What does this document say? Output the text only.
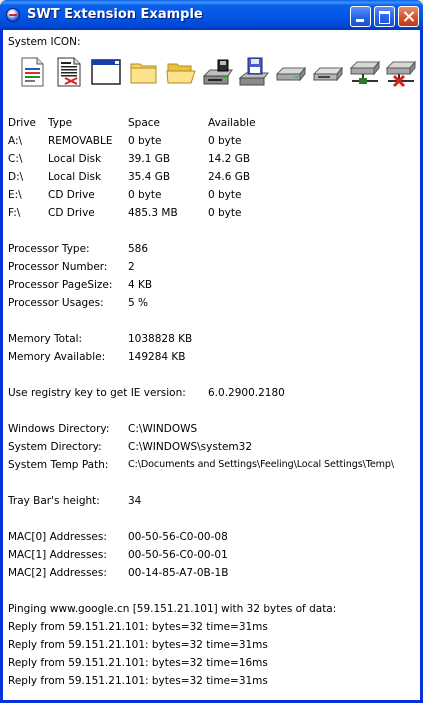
SWT Extension Example
System ICON:
Drive Type	Space	Available
A:\ REMOVABLE 0 byte	0 byte
C:\ Local Disk	39.1 GB	14.2 GB
D:\ Local Disk	35.4 GB	24.6 GB
E:\	CD Drive	0 byte	0 byte
F:\	CD Drive	485.3 MB	0 byte
Processor Type:	586
Processor Number: 2
Processor PageSize: 4 KB
Processor Usages: 5 %
Memory Total:	1038828 KB
Memory Available: 149284 KB
Use registry key to get IE version: 6.0.2900.2180
Windows Directory: C:\WINDOWS
System Directory:	C:\WINDOWS\system32
System Temp Path: C:\Documents and Settings\Feeling\Local Settings\Temp\
Tray Bar's height:	34
MAC[0] Addresses: 00-50-56-C0-00-08
MAC[1] Addresses: 00-50-56-C0-00-01
MAC[2] Addresses: 00-14-85-A7-0B-1B
Pinging www.google.cn [59.151.21.101] with 32 bytes of data:
Reply from 59.151.21.101: bytes=32 time=31ms
Reply from 59.151.21.101: bytes=32 time=31ms
Reply from 59.151.21.101: bytes=32 time=16ms
Reply from 59.151.21.101: bytes=32 time=31ms
